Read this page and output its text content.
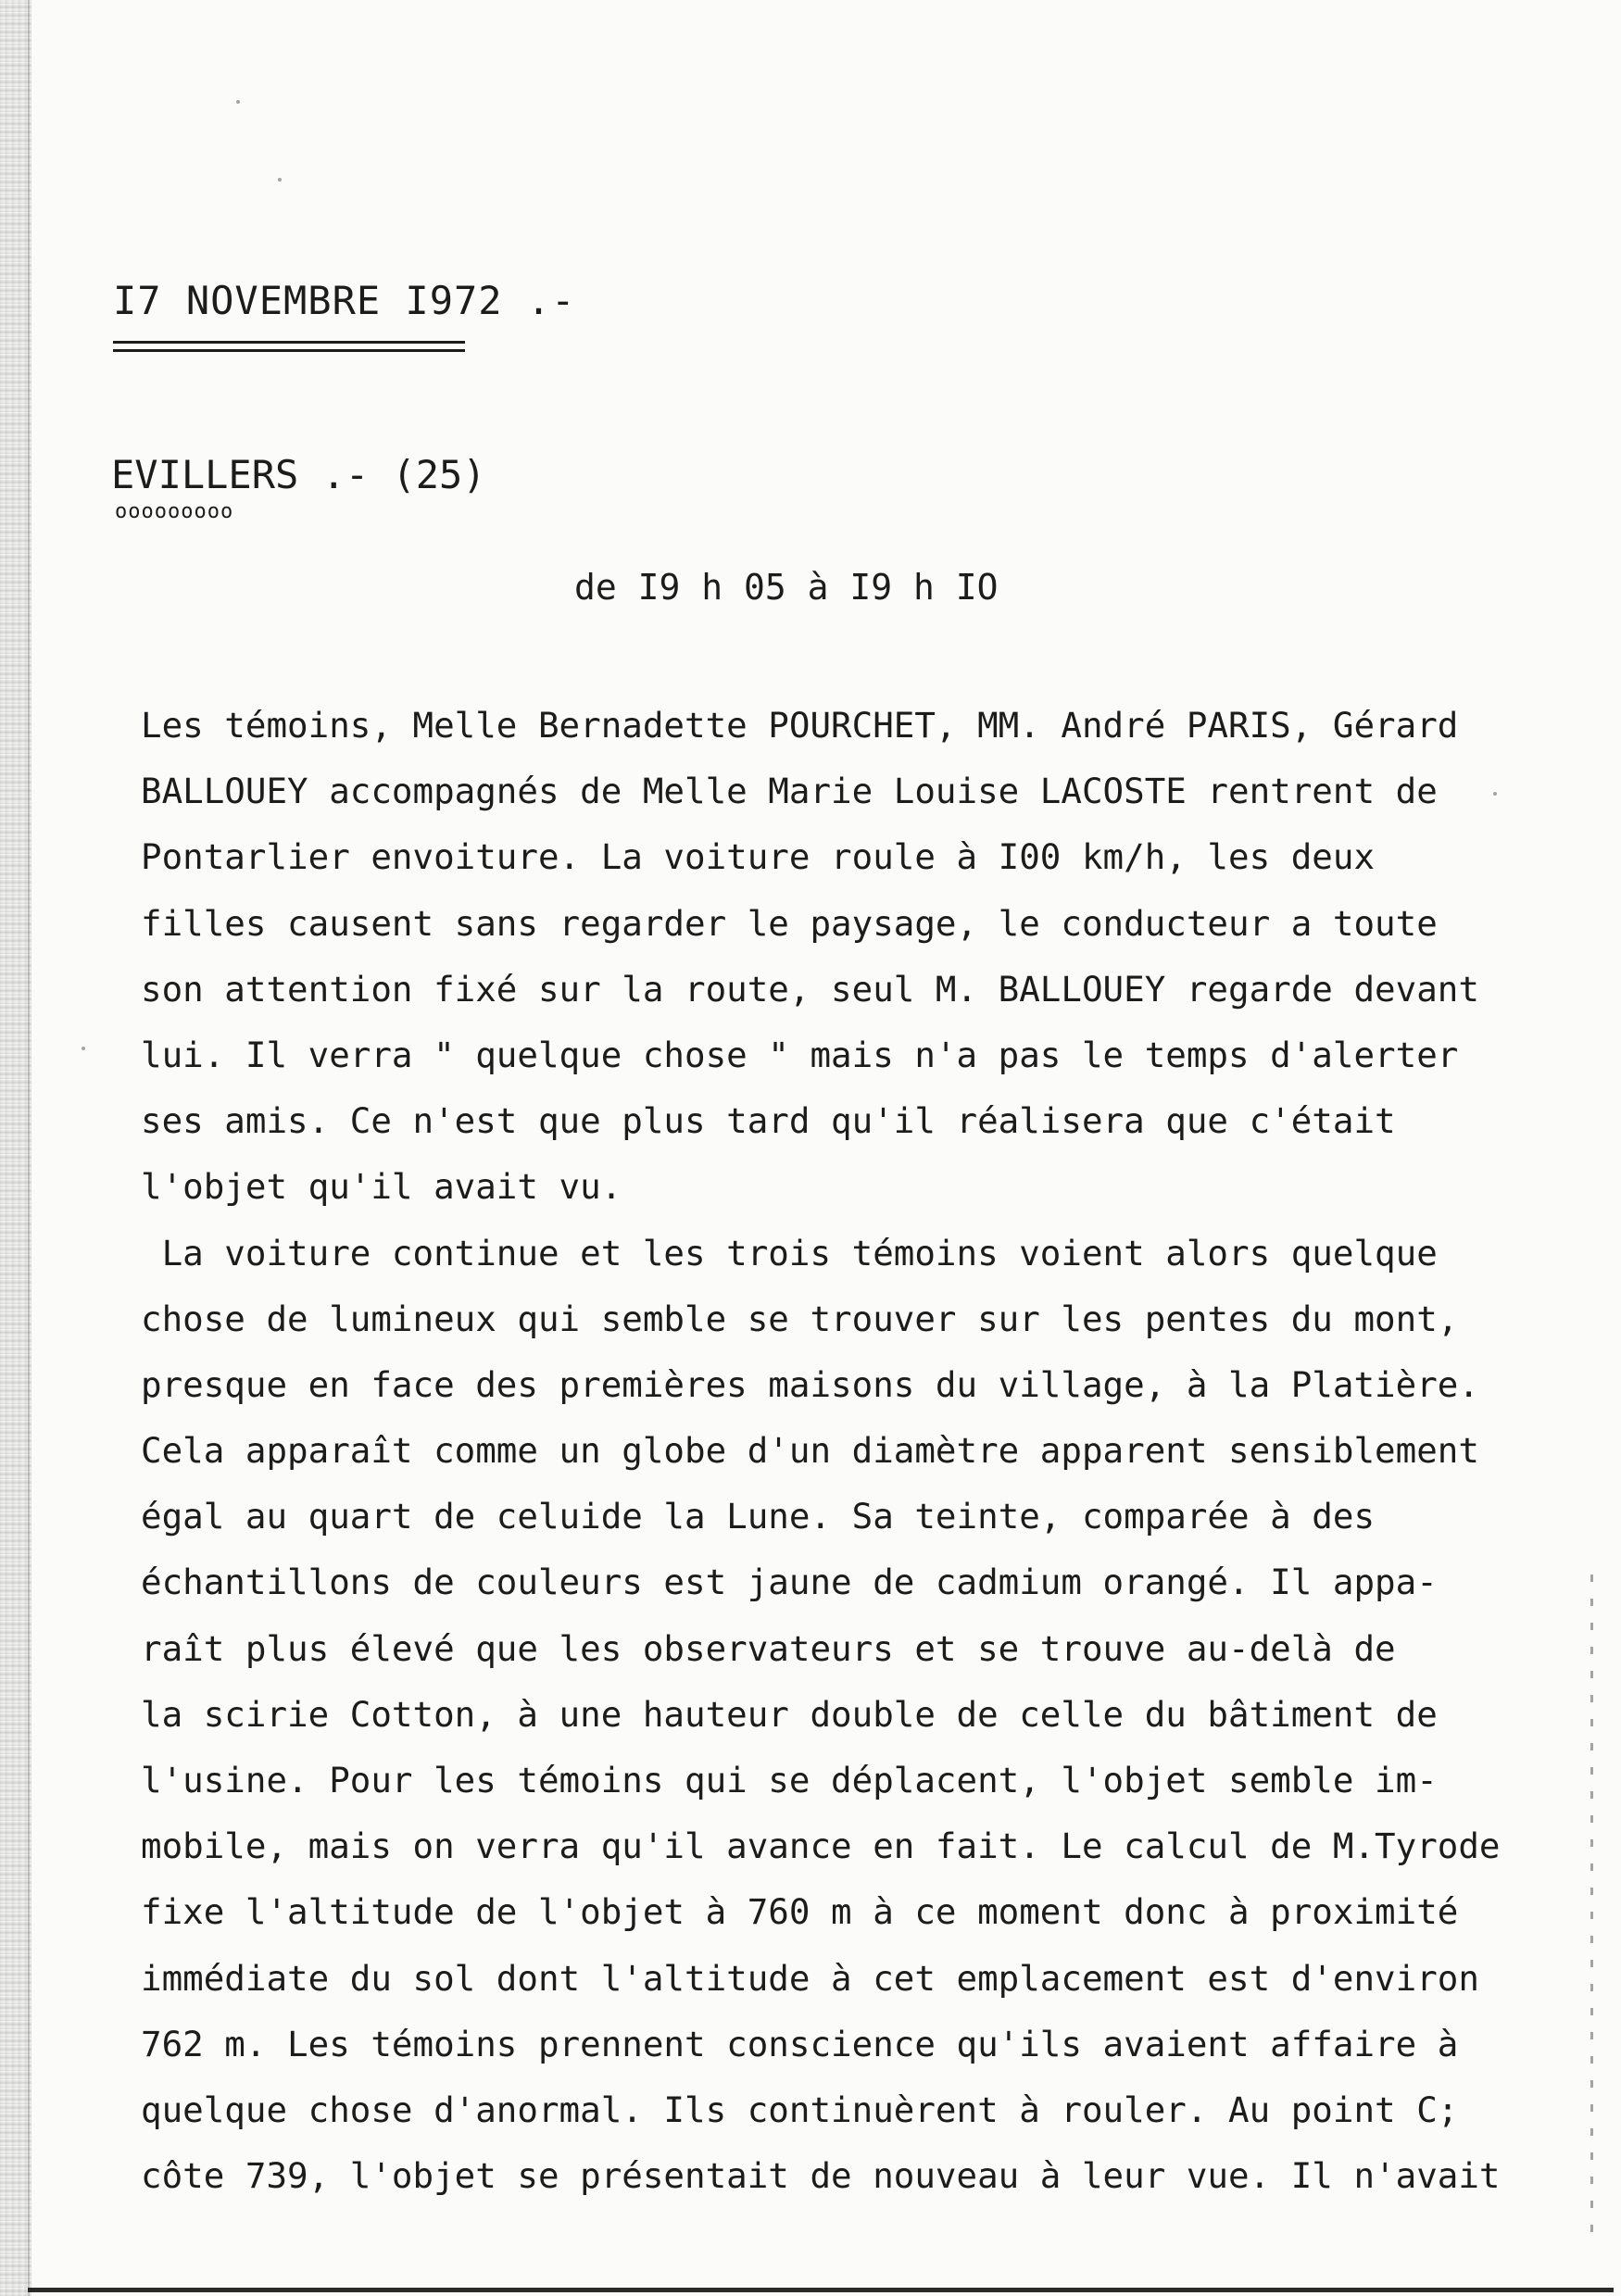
I7 NOVEMBRE I972 .-
EVILLERS .- (25)
ooooooooo
de I9 h 05 à I9 h IO
Les témoins, Melle Bernadette POURCHET, MM. André PARIS, Gérard
BALLOUEY accompagnés de Melle Marie Louise LACOSTE rentrent de
Pontarlier envoiture. La voiture roule à I00 km/h, les deux
filles causent sans regarder le paysage, le conducteur a toute
son attention fixé sur la route, seul M. BALLOUEY regarde devant
lui. Il verra " quelque chose " mais n'a pas le temps d'alerter
ses amis. Ce n'est que plus tard qu'il réalisera que c'était
l'objet qu'il avait vu.
La voiture continue et les trois témoins voient alors quelque
chose de lumineux qui semble se trouver sur les pentes du mont,
presque en face des premières maisons du village, à la Platière.
Cela apparaît comme un globe d'un diamètre apparent sensiblement
égal au quart de celuide la Lune. Sa teinte, comparée à des
échantillons de couleurs est jaune de cadmium orangé. Il appa-
raît plus élevé que les observateurs et se trouve au-delà de
la scirie Cotton, à une hauteur double de celle du bâtiment de
l'usine. Pour les témoins qui se déplacent, l'objet semble im-
mobile, mais on verra qu'il avance en fait. Le calcul de M.Tyrode
fixe l'altitude de l'objet à 760 m à ce moment donc à proximité
immédiate du sol dont l'altitude à cet emplacement est d'environ
762 m. Les témoins prennent conscience qu'ils avaient affaire à
quelque chose d'anormal. Ils continuèrent à rouler. Au point C;
côte 739, l'objet se présentait de nouveau à leur vue. Il n'avait
